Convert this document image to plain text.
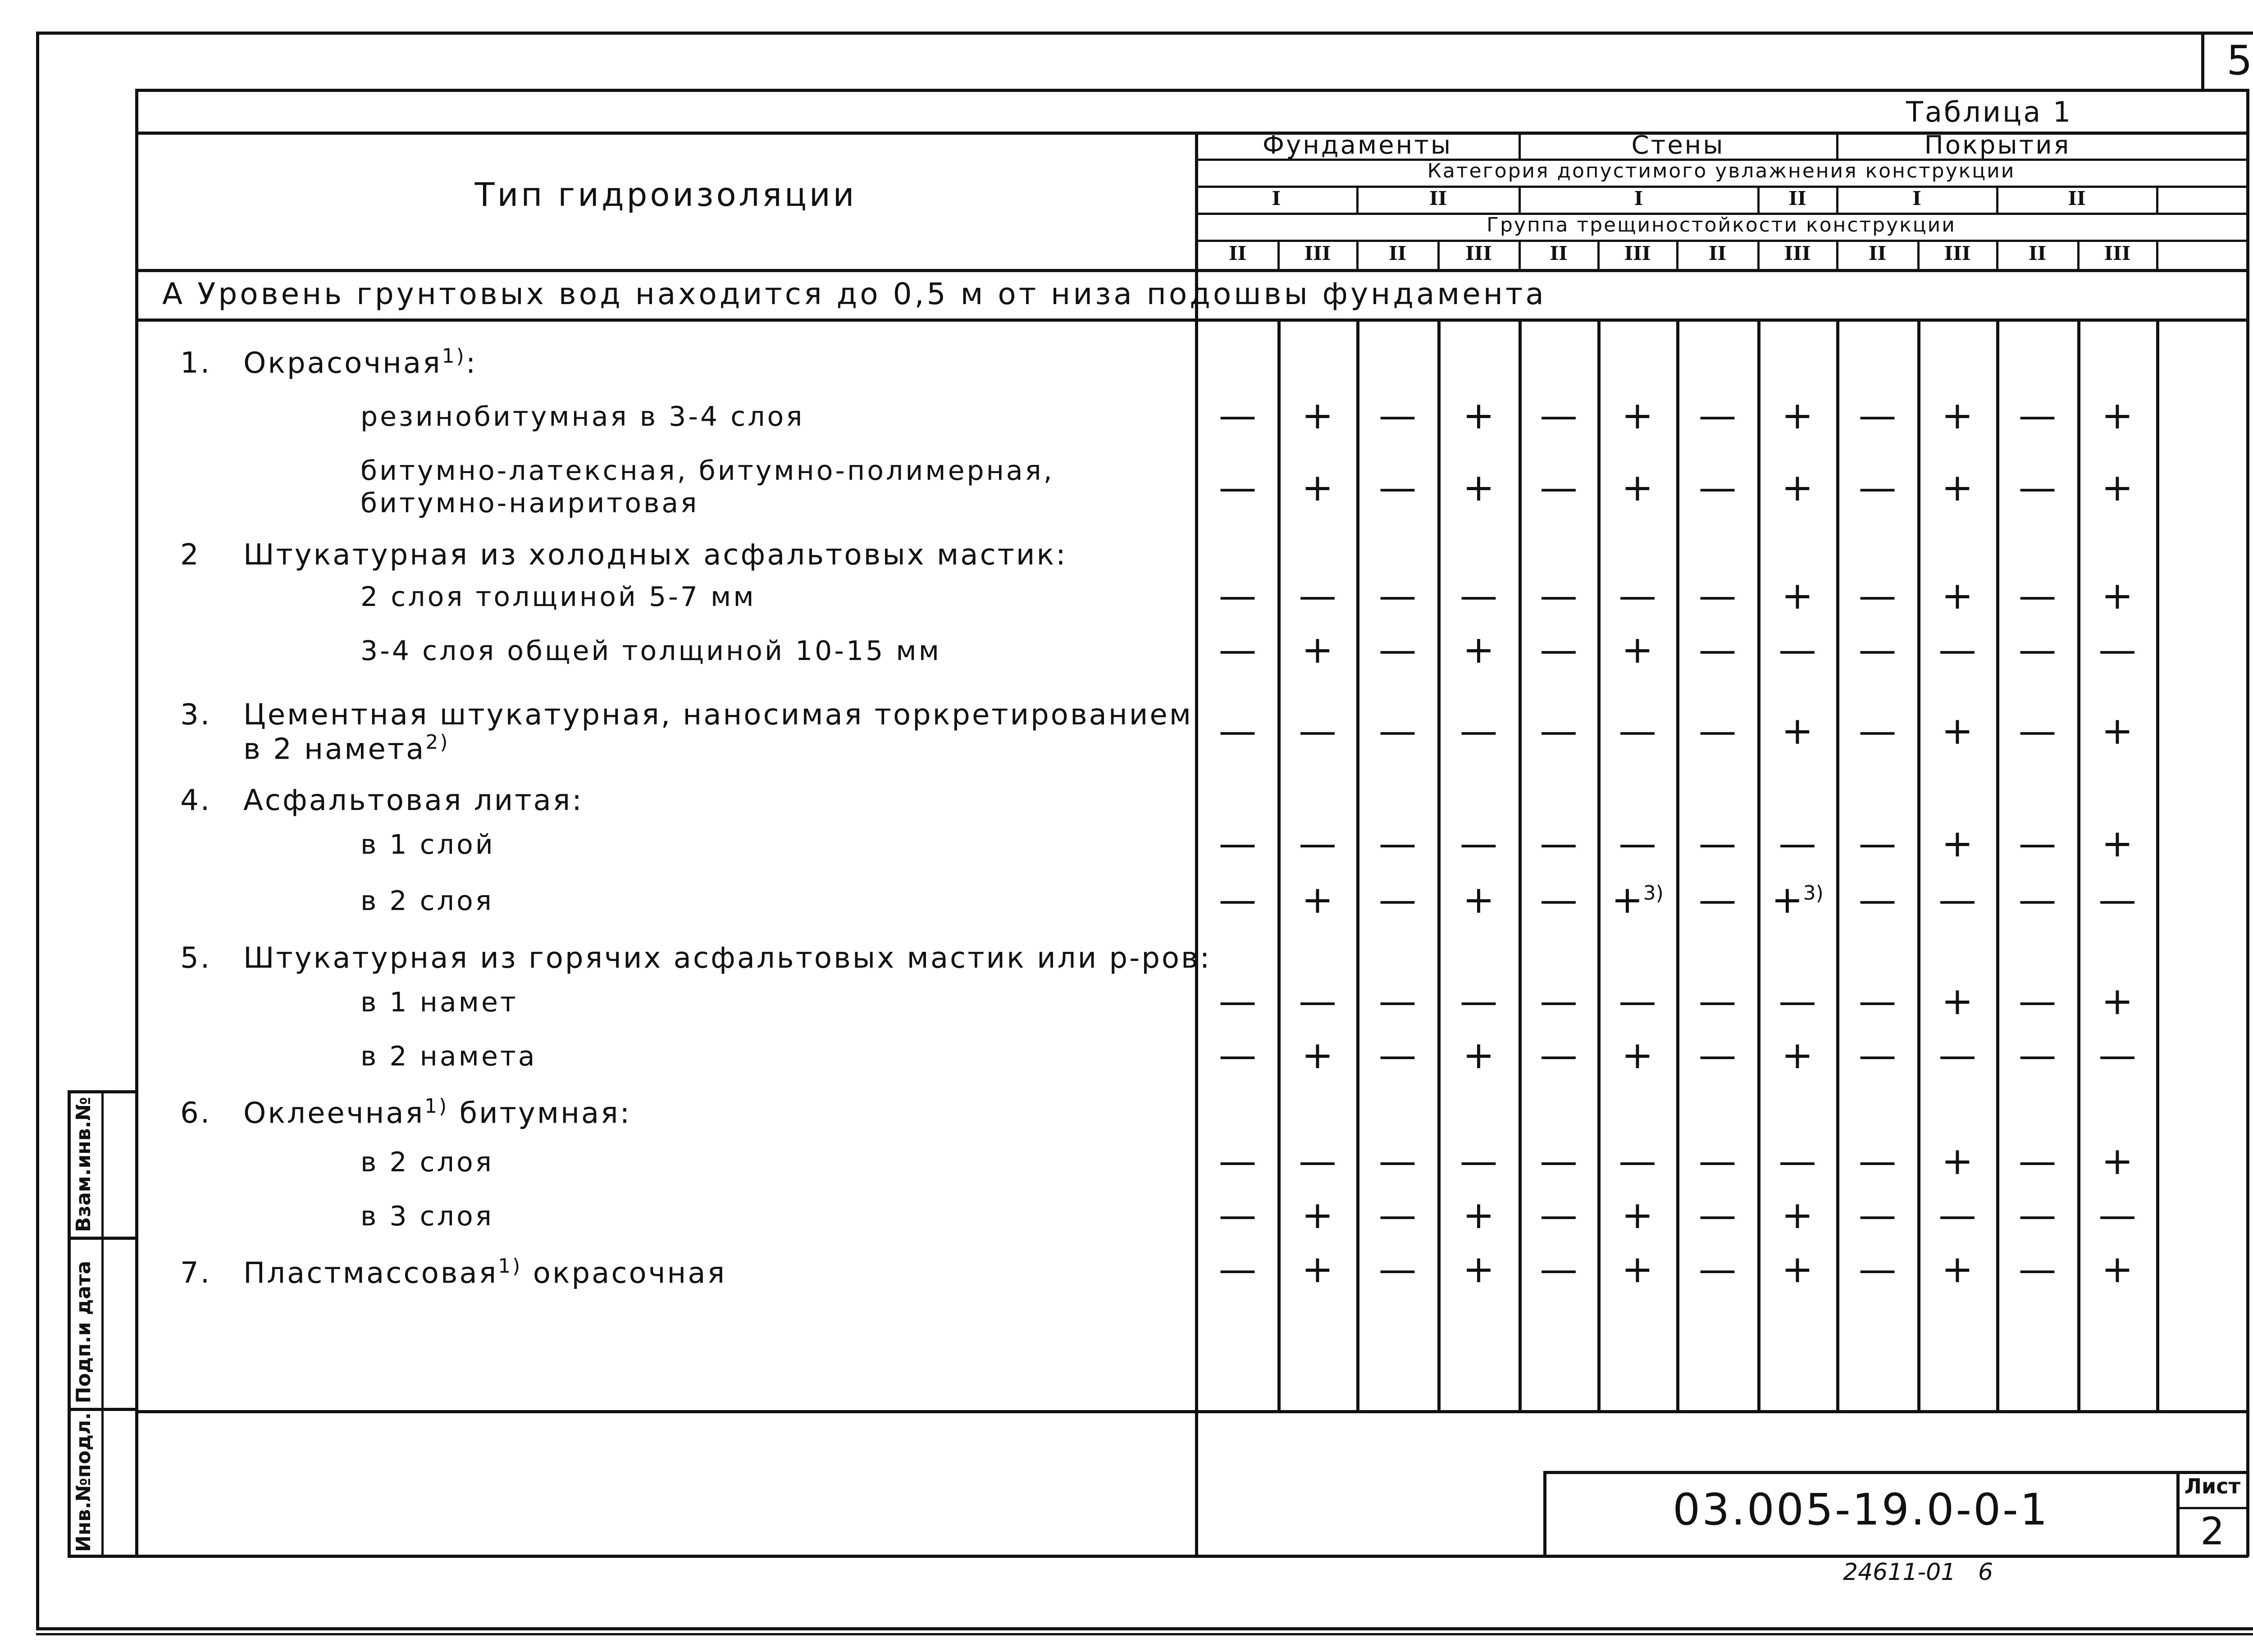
5
Таблица 1
Тип гидроизоляции
Фундаменты	Стены	Покрытия
Категория допустимого увлажнения конструкции
I	II	I	II	I	II
Группа трещиностойкости конструкции
II	III	II	III	II	III	II	III	II	III	II	III
А Уровень грунтовых вод находится до 0,5 м от низа подошвы фундамента
1. Окрасочная$^{1)}$:
резинобитумная в 3-4 слоя	—	+	—	+	—	+	—	+	—	+	—	+
битумно-латексная, битумно-полимерная,
битумно-наиритовая	—	+	—	+	—	+	—	+	—	+	—	+
2 Штукатурная из холодных асфальтовых мастик:
2 слоя толщиной 5-7 мм	—	—	—	—	—	—	—	+	—	+	—	+
3-4 слоя общей толщиной 10-15 мм	—	+	—	+	—	+	—	—	—	—	—	—
3. Цементная штукатурная, наносимая торкретированием
в 2 намета$^{2)}$	—	—	—	—	—	—	—	+	—	+	—	+
4. Асфальтовая литая:
в 1 слой	—	—	—	—	—	—	—	—	—	+	—	+
в 2 слоя	—	+	—	+	— +$^{3)}$ — +$^{3)}$ —	—	—	—
5. Штукатурная из горячих асфальтовых мастик или р-ров:
в 1 намет	—	—	—	—	—	—	—	—	—	+	—	+
в 2 намета	—	+	—	+	—	+	—	+	—	—	—	—
6. Оклеечная$^{1)}$ битумная:
в 2 слоя	—	—	—	—	—	—	—	—	—	+	—	+
в 3 слоя	—	+	—	+	—	+	—	+	—	—	—	—
7. Пластмассовая$^{1)}$ окрасочная	—	+	—	+	—	+	—	+	—	+	—	+
03.005-19.0-0-1	Лист
2
24611-01   6
Инв.№подл.
Подп.и дата
Взам.инв.№
